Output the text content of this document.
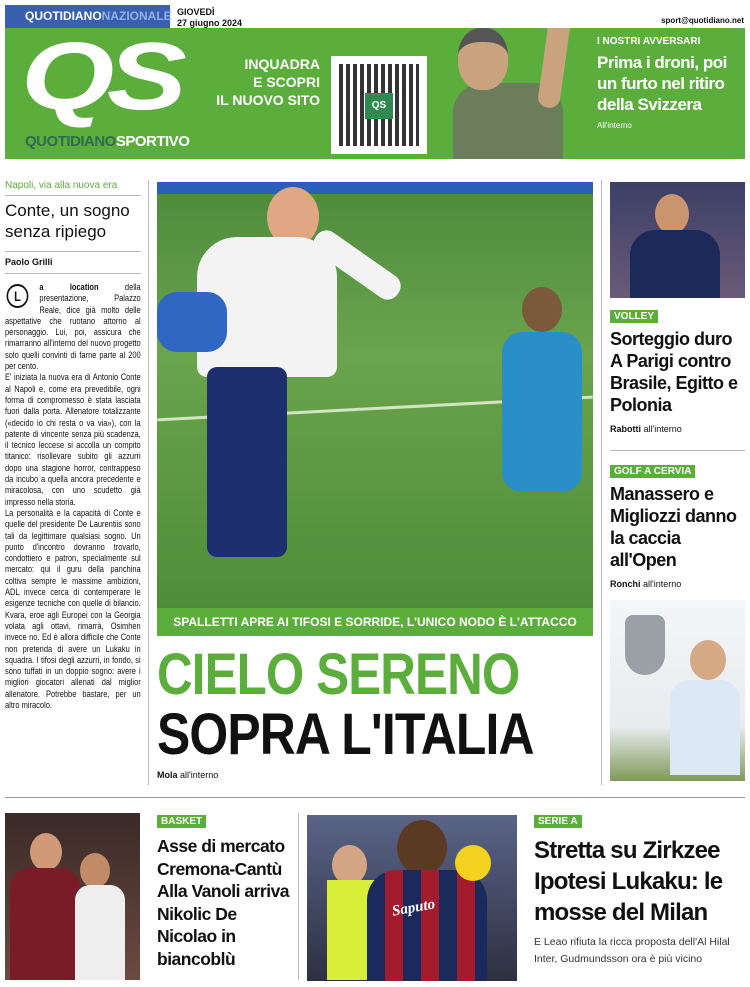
QUOTIDIANONAZIONALE GIOVEDÌ
27 giugno 2024	sport@quotidiano.net
QS
QUOTIDIANOSPORTIVO
INQUADRA
E SCOPRI
IL NUOVO SITO	QS
I NOSTRI AVVERSARI
Prima i droni, poi un furto nel ritiro della Svizzera
All'interno
Napoli, via alla nuova era
Conte, un sogno senza ripiego
Paolo Grilli
L

a location della presentazione, Palazzo Reale, dice già molto delle aspettative che ruotano attorno al personaggio. Lui, poi, assicura che rimarranno all'interno del nuovo progetto solo quelli convinti di farne parte al 200 per cento.

E' iniziata la nuova era di Antonio Conte al Napoli e, come era prevedibile, ogni forma di compromesso è stata lasciata fuori dalla porta. Allenatore totalizzante («decido io chi resta o va via»), con la patente di vincente senza più scadenza, il tecnico leccese si accolla un compito titanico: risollevare subito gli azzurri dopo una stagione horror, contrappeso da incubo a quella ancora precedente e miracolosa, con uno scudetto già impresso nella storia.

La personalità e la capacità di Conte e quelle del presidente De Laurentiis sono tali da legittimare qualsiasi sogno. Un punto d'incontro dovranno trovarlo, condottiero e patron, specialmente sul mercato: qui il guru della panchina coltiva sempre le massime ambizioni, ADL invece cerca di contemperare le esigenze tecniche con quelle di bilancio. Kvara, eroe agli Europei con la Georgia volata agli ottavi, rimarrà, Osimhen invece no. Ed è allora difficile che Conte non pretenda di avere un Lukaku in squadra. I tifosi degli azzurri, in fondo, si sono tuffati in un doppio sogno: avere i migliori giocatori allenati dal miglior allenatore. Potrebbe bastare, per un altro miracolo.

SPALLETTI APRE AI TIFOSI E SORRIDE, L'UNICO NODO È L'ATTACCO
CIELO SERENO
SOPRA L'ITALIA
Mola all'interno
VOLLEY
Sorteggio duro A Parigi contro Brasile, Egitto e Polonia
Rabotti all'interno
GOLF A CERVIA
Manassero e Migliozzi danno la caccia all'Open
Ronchi all'interno
BASKET
Asse di mercato Cremona-Cantù Alla Vanoli arriva Nikolic De Nicolao in biancoblù
Saputo
SERIE A
Stretta su Zirkzee Ipotesi Lukaku: le mosse del Milan
E Leao rifiuta la ricca proposta dell'Al Hilal
Inter, Gudmundsson ora è più vicino
